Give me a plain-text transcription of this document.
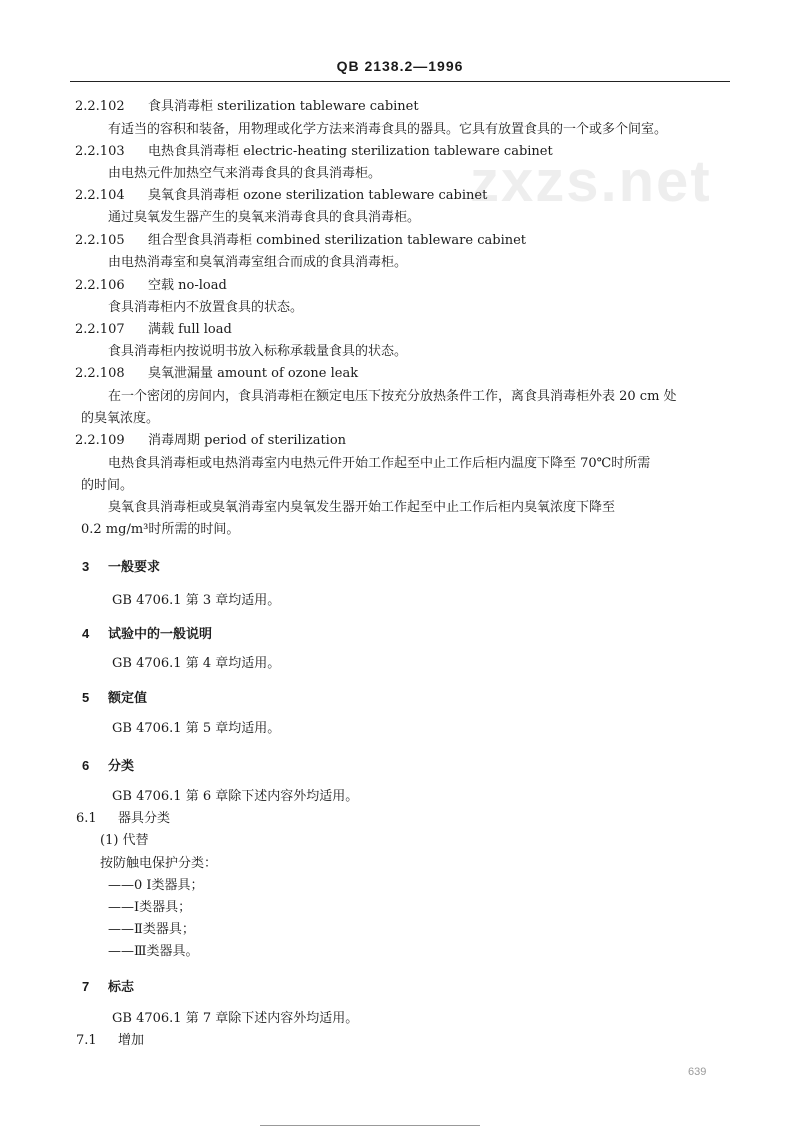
QB 2138.2—1996
zxzs.net
2.2.102 食具消毒柜 sterilization tableware cabinet
有适当的容积和装备，用物理或化学方法来消毒食具的器具。它具有放置食具的一个或多个间室。
2.2.103 电热食具消毒柜 electric-heating sterilization tableware cabinet
由电热元件加热空气来消毒食具的食具消毒柜。
2.2.104 臭氧食具消毒柜 ozone sterilization tableware cabinet
通过臭氧发生器产生的臭氧来消毒食具的食具消毒柜。
2.2.105 组合型食具消毒柜 combined sterilization tableware cabinet
由电热消毒室和臭氧消毒室组合而成的食具消毒柜。
2.2.106 空载 no-load
食具消毒柜内不放置食具的状态。
2.2.107 满载 full load
食具消毒柜内按说明书放入标称承载量食具的状态。
2.2.108 臭氧泄漏量 amount of ozone leak
在一个密闭的房间内，食具消毒柜在额定电压下按充分放热条件工作，离食具消毒柜外表 20 cm 处
的臭氧浓度。
2.2.109 消毒周期 period of sterilization
电热食具消毒柜或电热消毒室内电热元件开始工作起至中止工作后柜内温度下降至 70℃时所需
的时间。
臭氧食具消毒柜或臭氧消毒室内臭氧发生器开始工作起至中止工作后柜内臭氧浓度下降至
0.2 mg/m³时所需的时间。
3 一般要求
GB 4706.1 第 3 章均适用。
4 试验中的一般说明
GB 4706.1 第 4 章均适用。
5 额定值
GB 4706.1 第 5 章均适用。
6 分类
GB 4706.1 第 6 章除下述内容外均适用。
6.1 器具分类
(1) 代替
按防触电保护分类：
——0 Ⅰ类器具；
——Ⅰ类器具；
——Ⅱ类器具；
——Ⅲ类器具。
7 标志
GB 4706.1 第 7 章除下述内容外均适用。
7.1 增加
639
